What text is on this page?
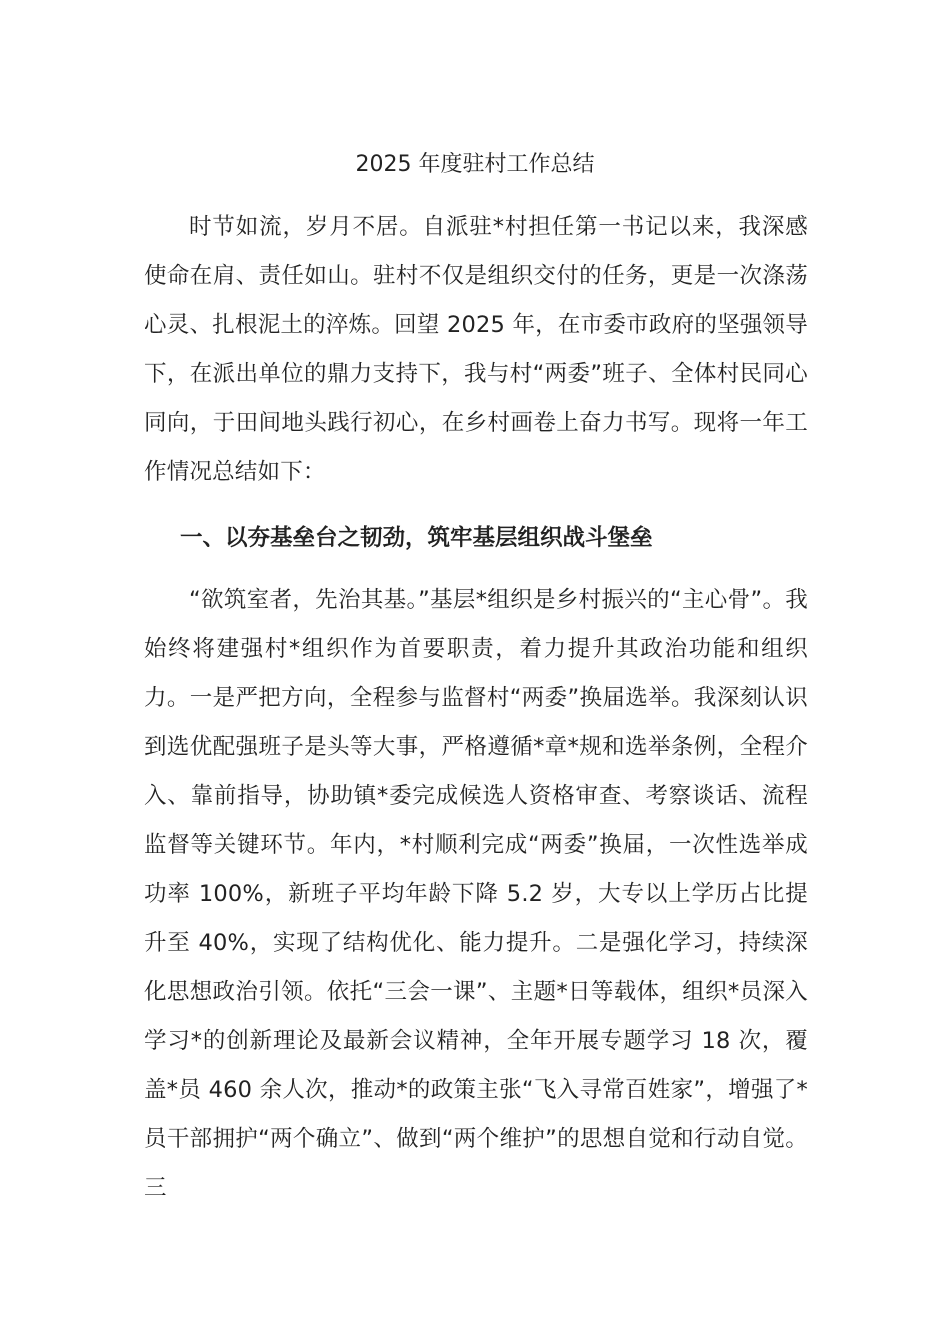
2025 年度驻村工作总结

时节如流，岁月不居。自派驻*村担任第一书记以来，我深感使命在肩、责任如山。驻村不仅是组织交付的任务，更是一次涤荡心灵、扎根泥土的淬炼。回望 2025 年，在市委市政府的坚强领导下，在派出单位的鼎力支持下，我与村“两委”班子、全体村民同心同向，于田间地头践行初心，在乡村画卷上奋力书写。现将一年工作情况总结如下：

一、以夯基垒台之韧劲，筑牢基层组织战斗堡垒

“欲筑室者，先治其基。”基层*组织是乡村振兴的“主心骨”。我始终将建强村*组织作为首要职责，着力提升其政治功能和组织力。一是严把方向，全程参与监督村“两委”换届选举。我深刻认识到选优配强班子是头等大事，严格遵循*章*规和选举条例，全程介入、靠前指导，协助镇*委完成候选人资格审查、考察谈话、流程监督等关键环节。年内，*村顺利完成“两委”换届，一次性选举成功率 100%，新班子平均年龄下降 5.2 岁，大专以上学历占比提升至 40%，实现了结构优化、能力提升。二是强化学习，持续深化思想政治引领。依托“三会一课”、主题*日等载体，组织*员深入学习*的创新理论及最新会议精神，全年开展专题学习 18 次，覆盖*员 460 余人次，推动*的政策主张“飞入寻常百姓家”，增强了*员干部拥护“两个确立”、做到“两个维护”的思想自觉和行动自觉。三
